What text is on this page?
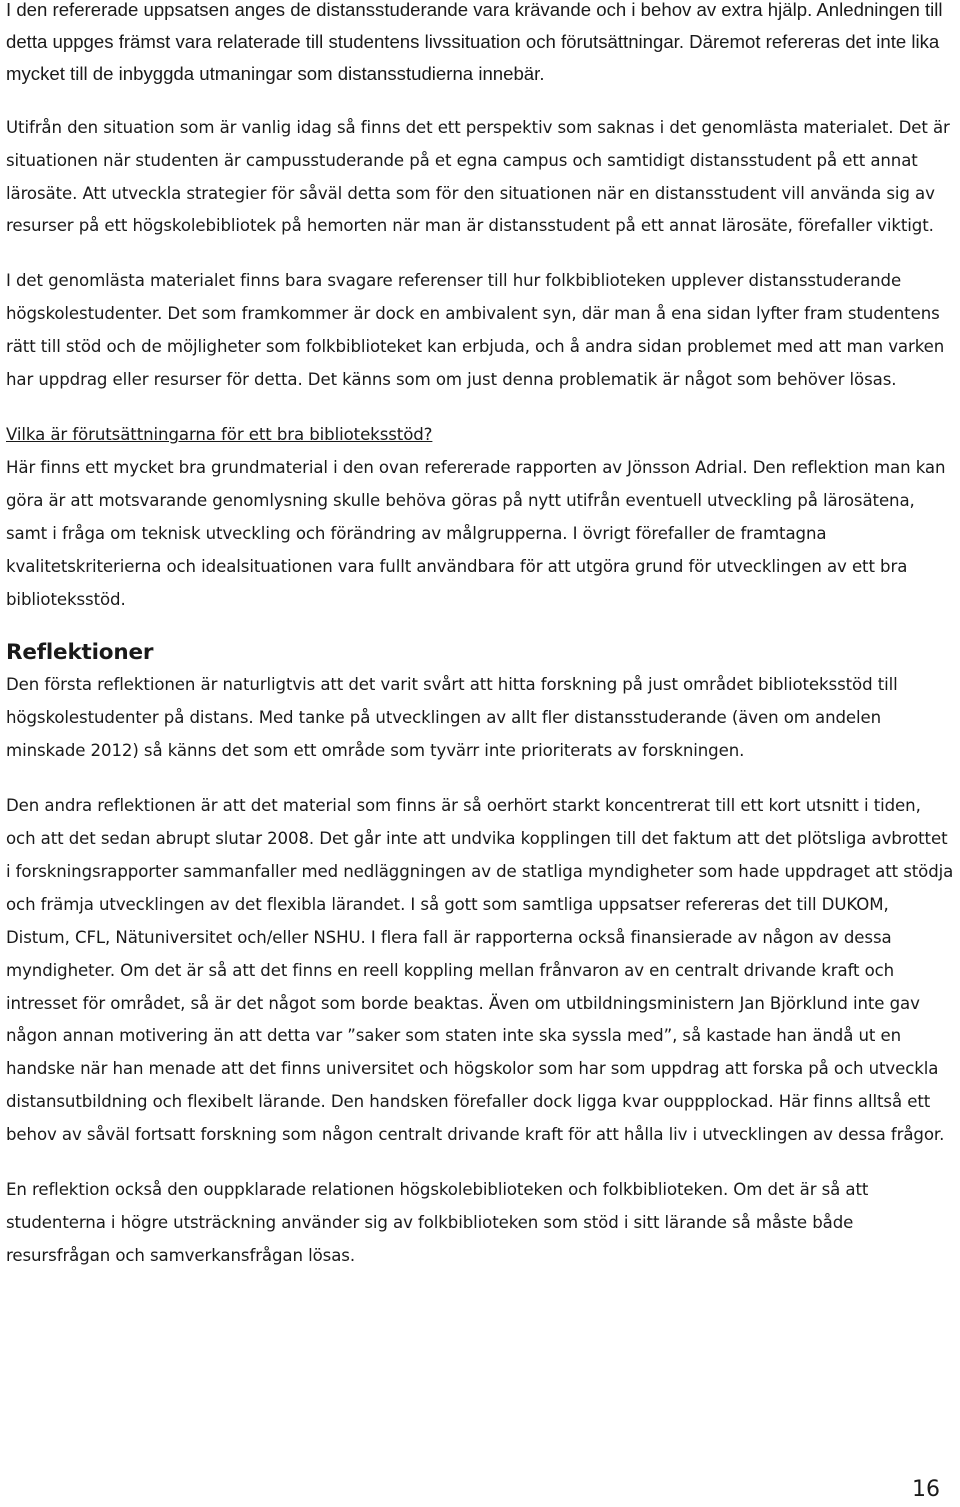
I den refererade uppsatsen anges de distansstuderande vara krävande och i behov av extra hjälp. Anledningen till detta uppges främst vara relaterade till studentens livssituation och förutsättningar. Däremot refereras det inte lika mycket till de inbyggda utmaningar som distansstudierna innebär.

Utifrån den situation som är vanlig idag så finns det ett perspektiv som saknas i det genomlästa materialet. Det är situationen när studenten är campusstuderande på et egna campus och samtidigt distansstudent på ett annat lärosäte. Att utveckla strategier för såväl detta som för den situationen när en distansstudent vill använda sig av resurser på ett högskolebibliotek på hemorten när man är distansstudent på ett annat lärosäte, förefaller viktigt.

I det genomlästa materialet finns bara svagare referenser till hur folkbiblioteken upplever distansstuderande högskolestudenter. Det som framkommer är dock en ambivalent syn, där man å ena sidan lyfter fram studentens rätt till stöd och de möjligheter som folkbiblioteket kan erbjuda, och å andra sidan problemet med att man varken har uppdrag eller resurser för detta. Det känns som om just denna problematik är något som behöver lösas.

Vilka är förutsättningarna för ett bra biblioteksstöd?

Här finns ett mycket bra grundmaterial i den ovan refererade rapporten av Jönsson Adrial. Den reflektion man kan göra är att motsvarande genomlysning skulle behöva göras på nytt utifrån eventuell utveckling på lärosätena, samt i fråga om teknisk utveckling och förändring av målgrupperna. I övrigt förefaller de framtagna kvalitetskriterierna och idealsituationen vara fullt användbara för att utgöra grund för utvecklingen av ett bra biblioteksstöd.

Reflektioner

Den första reflektionen är naturligtvis att det varit svårt att hitta forskning på just området biblioteksstöd till högskolestudenter på distans. Med tanke på utvecklingen av allt fler distansstuderande (även om andelen minskade 2012) så känns det som ett område som tyvärr inte prioriterats av forskningen.

Den andra reflektionen är att det material som finns är så oerhört starkt koncentrerat till ett kort utsnitt i tiden, och att det sedan abrupt slutar 2008. Det går inte att undvika kopplingen till det faktum att det plötsliga avbrottet i forskningsrapporter sammanfaller med nedläggningen av de statliga myndigheter som hade uppdraget att stödja och främja utvecklingen av det flexibla lärandet. I så gott som samtliga uppsatser refereras det till DUKOM, Distum, CFL, Nätuniversitet och/eller NSHU. I flera fall är rapporterna också finansierade av någon av dessa myndigheter. Om det är så att det finns en reell koppling mellan frånvaron av en centralt drivande kraft och intresset för området, så är det något som borde beaktas. Även om utbildningsministern Jan Björklund inte gav någon annan motivering än att detta var ”saker som staten inte ska syssla med”, så kastade han ändå ut en handske när han menade att det finns universitet och högskolor som har som uppdrag att forska på och utveckla distansutbildning och flexibelt lärande. Den handsken förefaller dock ligga kvar ouppplockad. Här finns alltså ett behov av såväl fortsatt forskning som någon centralt drivande kraft för att hålla liv i utvecklingen av dessa frågor.

En reflektion också den ouppklarade relationen högskolebiblioteken och folkbiblioteken. Om det är så att studenterna i högre utsträckning använder sig av folkbiblioteken som stöd i sitt lärande så måste både resursfrågan och samverkansfrågan lösas.

16
